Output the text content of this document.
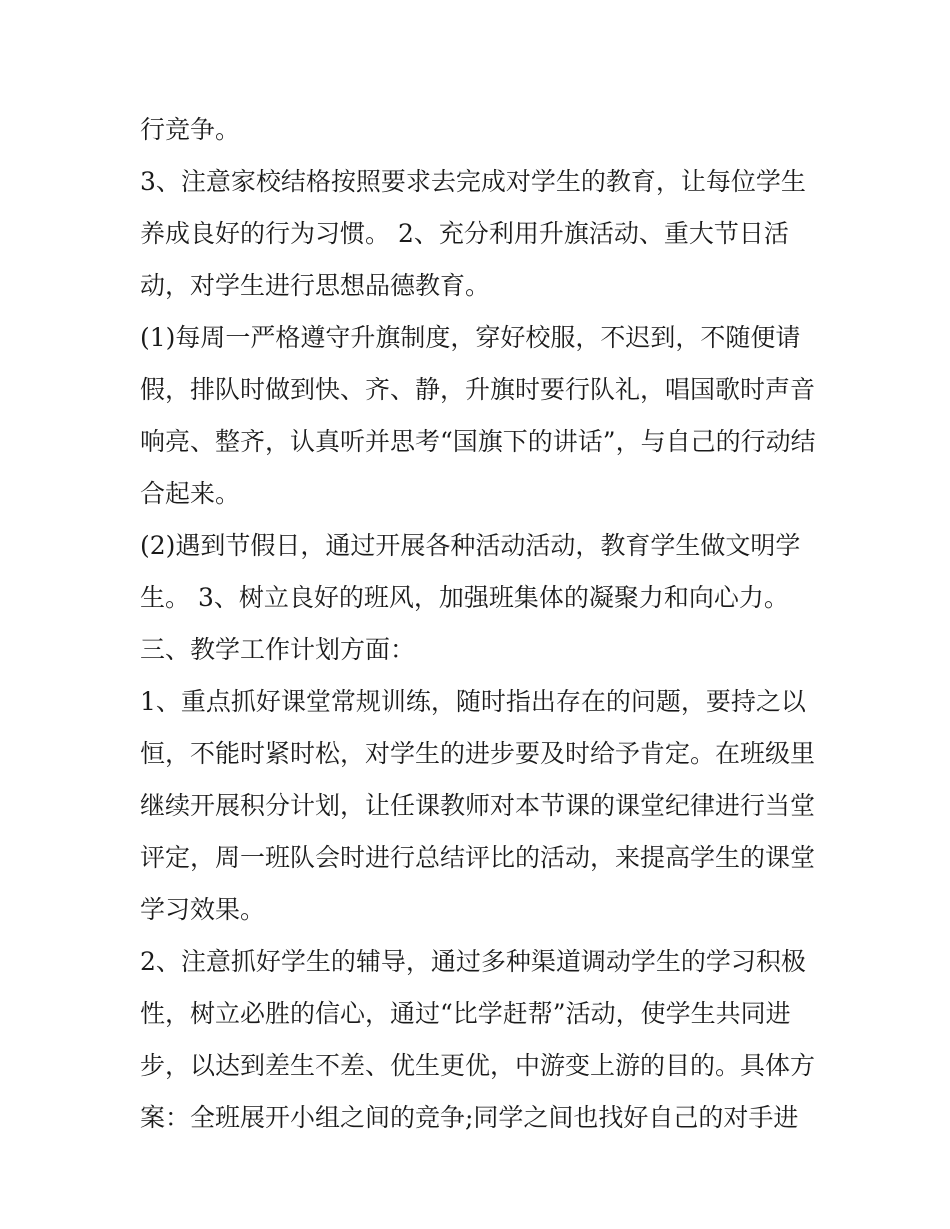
行竞争。
3、注意家校结格按照要求去完成对学生的教育，让每位学生
养成良好的行为习惯。 2、充分利用升旗活动、重大节日活
动，对学生进行思想品德教育。
(1)每周一严格遵守升旗制度，穿好校服，不迟到，不随便请
假，排队时做到快、齐、静，升旗时要行队礼，唱国歌时声音
响亮、整齐，认真听并思考“国旗下的讲话”，与自己的行动结
合起来。
(2)遇到节假日，通过开展各种活动活动，教育学生做文明学
生。 3、树立良好的班风，加强班集体的凝聚力和向心力。
三、教学工作计划方面：
1、重点抓好课堂常规训练，随时指出存在的问题，要持之以
恒，不能时紧时松，对学生的进步要及时给予肯定。在班级里
继续开展积分计划，让任课教师对本节课的课堂纪律进行当堂
评定，周一班队会时进行总结评比的活动，来提高学生的课堂
学习效果。
2、注意抓好学生的辅导，通过多种渠道调动学生的学习积极
性，树立必胜的信心，通过“比学赶帮”活动，使学生共同进
步，以达到差生不差、优生更优，中游变上游的目的。具体方
案：全班展开小组之间的竞争;同学之间也找好自己的对手进
